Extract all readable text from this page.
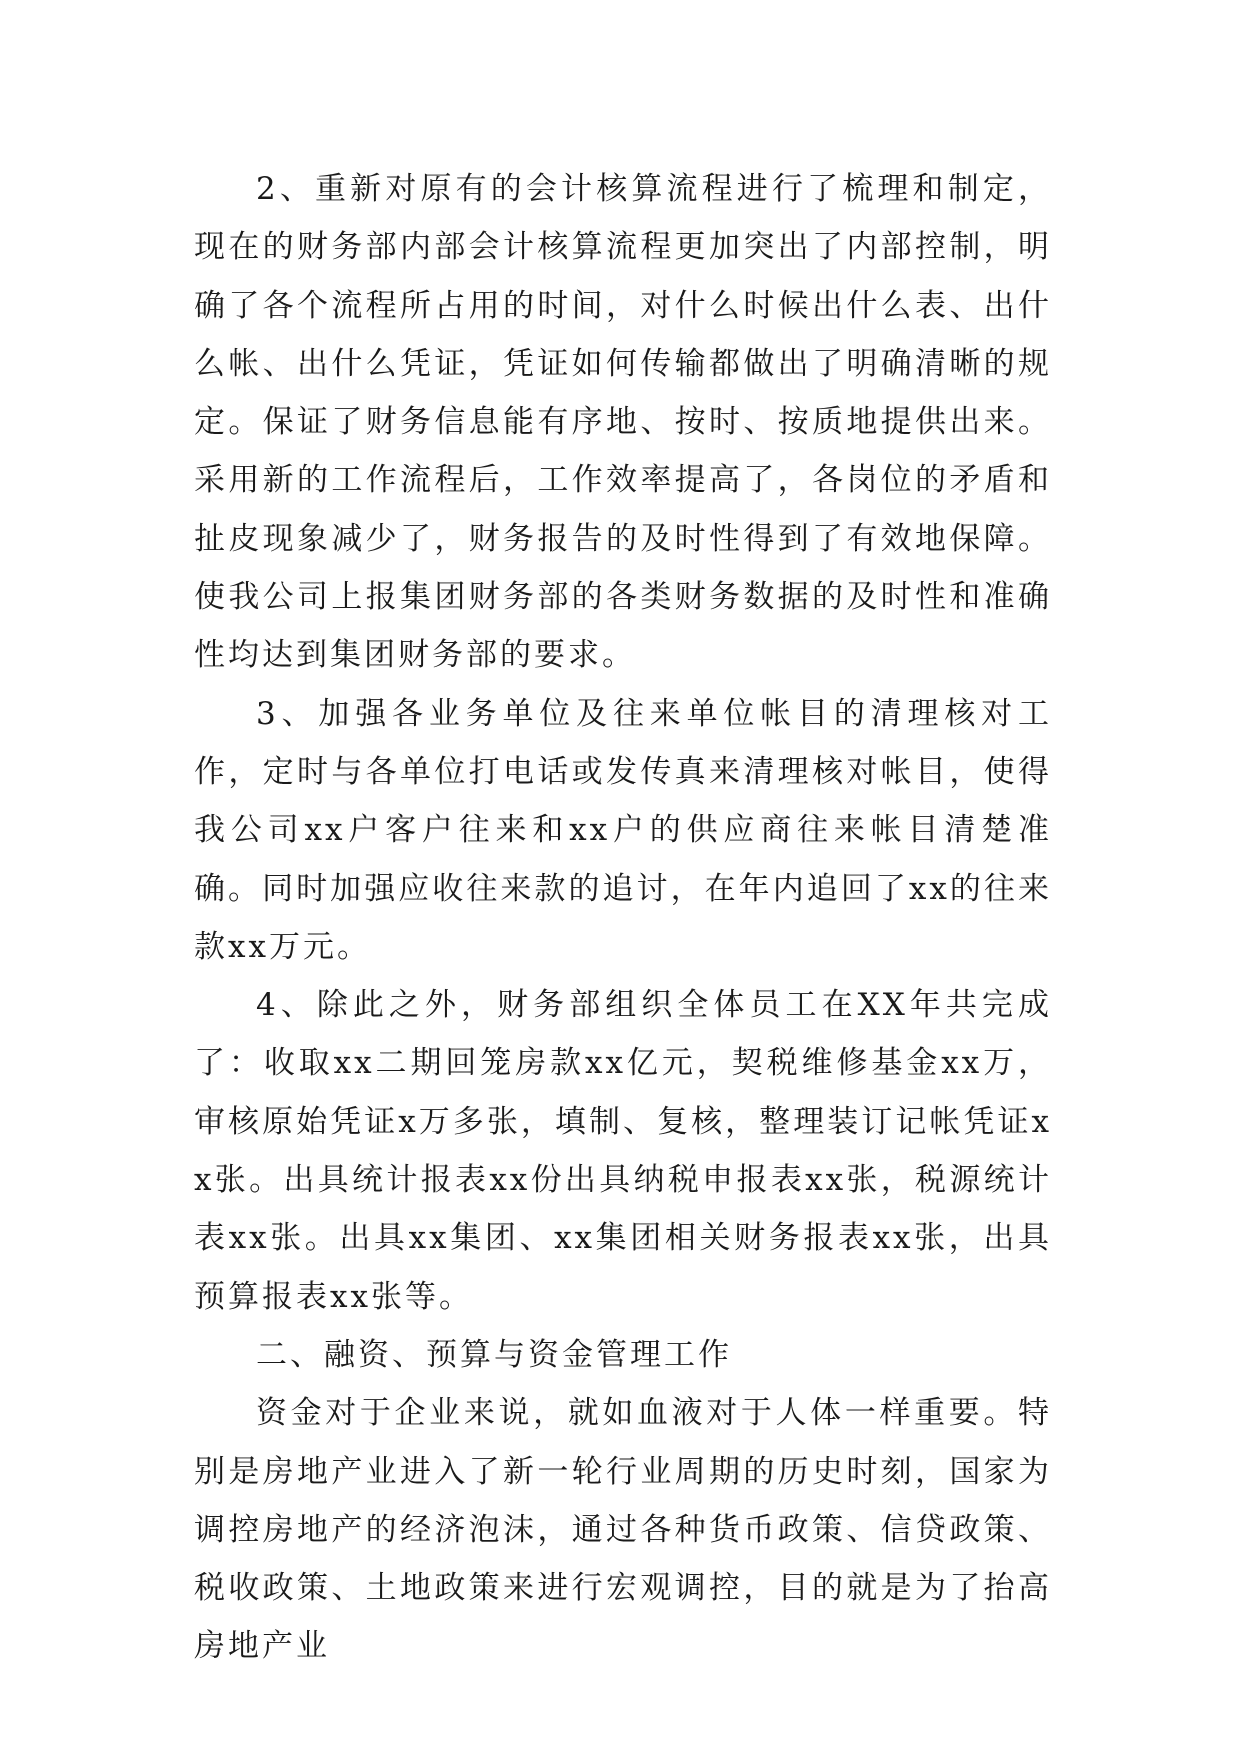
2、重新对原有的会计核算流程进行了梳理和制定，现在的财务部内部会计核算流程更加突出了内部控制，明确了各个流程所占用的时间，对什么时候出什么表、出什么帐、出什么凭证，凭证如何传输都做出了明确清晰的规定。保证了财务信息能有序地、按时、按质地提供出来。采用新的工作流程后，工作效率提高了，各岗位的矛盾和扯皮现象减少了，财务报告的及时性得到了有效地保障。使我公司上报集团财务部的各类财务数据的及时性和准确性均达到集团财务部的要求。

3、加强各业务单位及往来单位帐目的清理核对工作，定时与各单位打电话或发传真来清理核对帐目，使得我公司xx户客户往来和xx户的供应商往来帐目清楚准确。同时加强应收往来款的追讨，在年内追回了xx的往来款xx万元。

4、除此之外，财务部组织全体员工在XX年共完成了：收取xx二期回笼房款xx亿元，契税维修基金xx万，审核原始凭证x万多张，填制、复核，整理装订记帐凭证xx张。出具统计报表xx份出具纳税申报表xx张，税源统计表xx张。出具xx集团、xx集团相关财务报表xx张，出具预算报表xx张等。

二、融资、预算与资金管理工作

资金对于企业来说，就如血液对于人体一样重要。特别是房地产业进入了新一轮行业周期的历史时刻，国家为调控房地产的经济泡沫，通过各种货币政策、信贷政策、税收政策、土地政策来进行宏观调控，目的就是为了抬高房地产业
